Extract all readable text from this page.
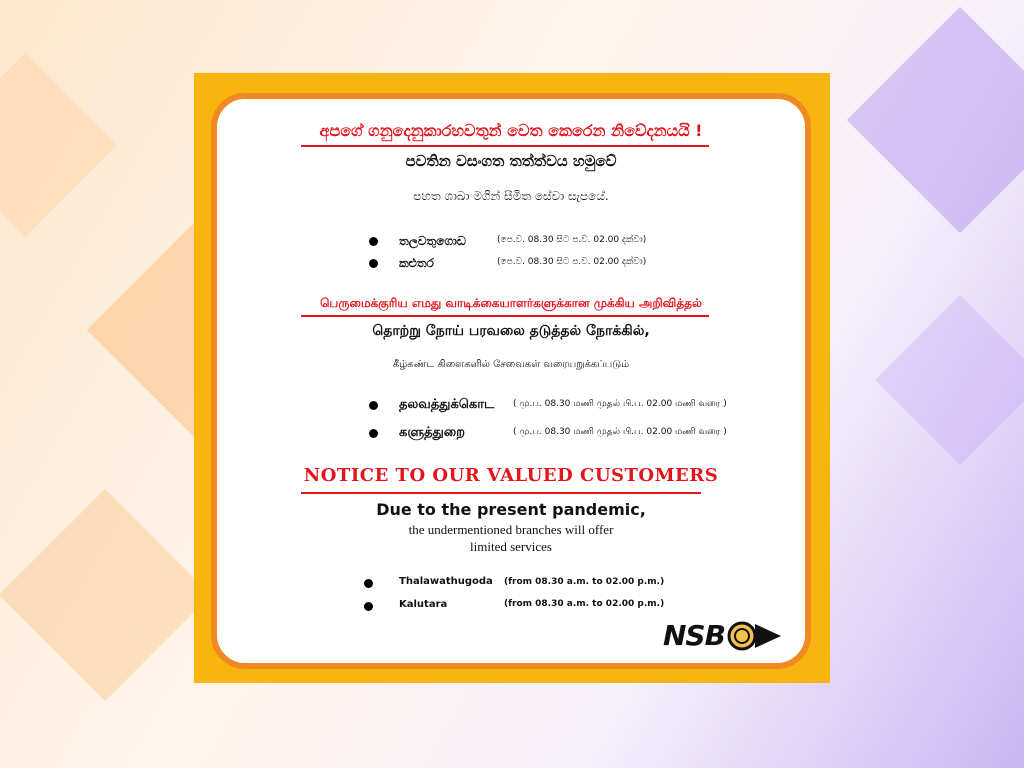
අපගේ ගනුදෙනුකාරහවතුන් වෙත කෙරෙන නිවේදනයයි !
පවතින වසංගත තත්ත්වය හමුවේ
පහත ශාඛා මගින් සීමිත සේවා සැපයේ.
තලවතුගොඩ	(පෙ.ව. 08.30 සිට ප.ව. 02.00 දක්වා)
කළුතර	(පෙ.ව. 08.30 සිට ප.ව. 02.00 දක්වා)
பெருமைக்குரிய எமது வாடிக்கையாளர்களுக்கான முக்கிய அறிவித்தல்
தொற்று நோய் பரவலை தடுத்தல் நோக்கில்,
கீழ்கண்ட கிளைகளில் சேவைகள் வரையறுக்கப்படும்
தலவத்துக்கொட ( மு.ப. 08.30 மணி முதல் பி.ப. 02.00 மணி வரை )
களுத்துறை	( மு.ப. 08.30 மணி முதல் பி.ப. 02.00 மணி வரை )
NOTICE TO OUR VALUED CUSTOMERS
Due to the present pandemic,
the undermentioned branches will offer
limited services
Thalawathugoda (from 08.30 a.m. to 02.00 p.m.)
Kalutara	(from 08.30 a.m. to 02.00 p.m.)
NSB
